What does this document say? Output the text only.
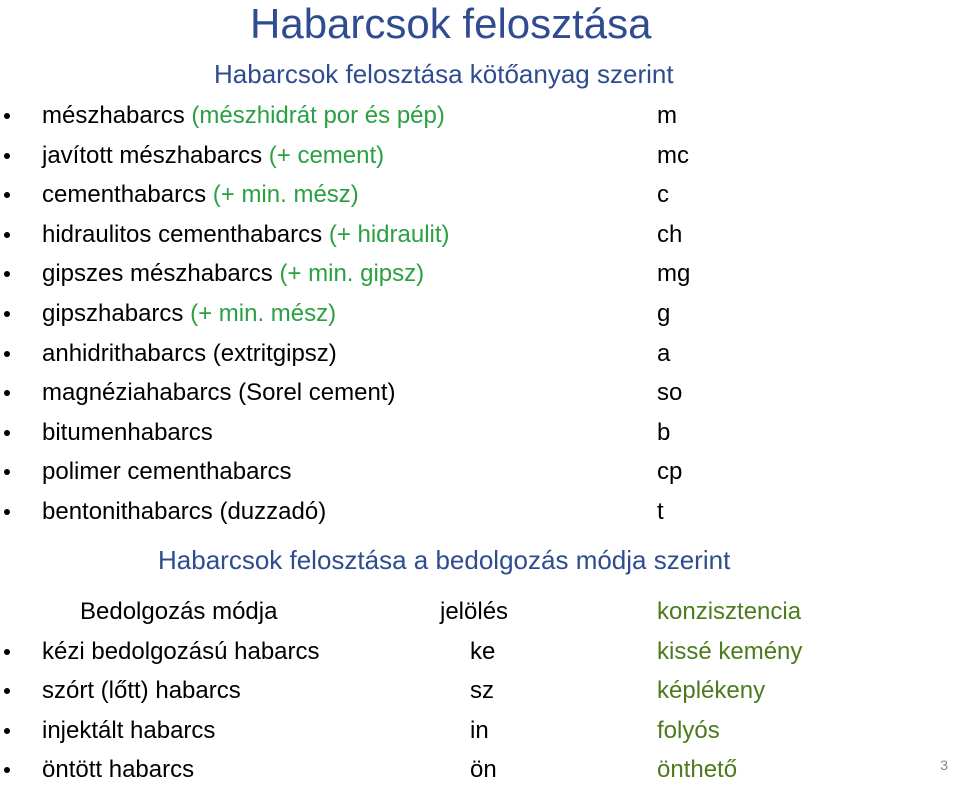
Habarcsok felosztása
Habarcsok felosztása kötőanyag szerint
mészhabarcs (mészhidrát por és pép)	m
javított mészhabarcs (+ cement)	mc
cementhabarcs (+ min. mész)	c
hidraulitos cementhabarcs (+ hidraulit)	ch
gipszes mészhabarcs (+ min. gipsz)	mg
gipszhabarcs (+ min. mész)	g
anhidrithabarcs (extritgipsz)	a
magnéziahabarcs (Sorel cement)	so
bitumenhabarcs	b
polimer cementhabarcs	cp
bentonithabarcs (duzzadó)	t
Habarcsok felosztása a bedolgozás módja szerint
Bedolgozás módja	jelölés	konzisztencia
kézi bedolgozású habarcs	ke	kissé kemény
szórt (lőtt) habarcs	sz	képlékeny
injektált habarcs	in	folyós
öntött habarcs	ön	önthető	3
